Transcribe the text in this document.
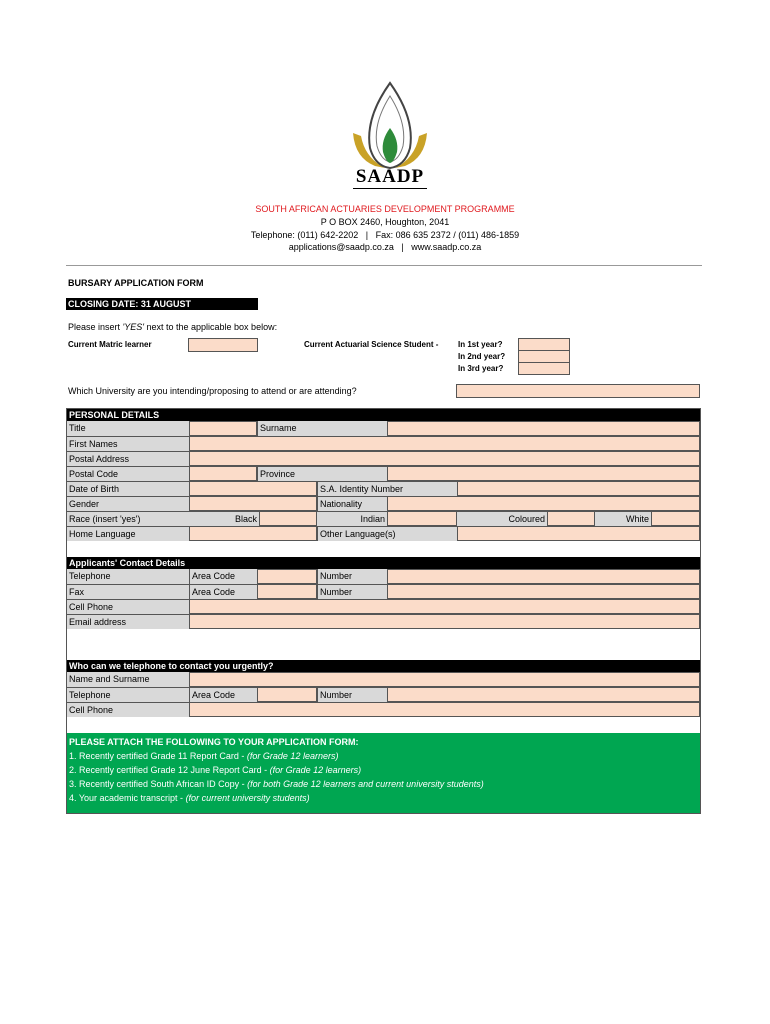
SAADP
SOUTH AFRICAN ACTUARIES DEVELOPMENT PROGRAMME
P O BOX 2460, Houghton, 2041
Telephone: (011) 642-2202   |   Fax: 086 635 2372 / (011) 486-1859
applications@saadp.co.za   |   www.saadp.co.za
BURSARY APPLICATION FORM
CLOSING DATE: 31 AUGUST
Please insert 'YES' next to the applicable box below:
Current Matric learner	Current Actuarial Science Student - In 1st year?
In 2nd year?
In 3rd year?
Which University are you intending/proposing to attend or are attending?
PERSONAL DETAILS
Title	Surname
First Names
Postal Address
Postal Code	Province
Date of Birth	S.A. Identity Number
Gender	Nationality
Race (insert 'yes')	Black	Indian	Coloured	White
Home Language	Other Language(s)
Applicants' Contact Details
Telephone	Area Code	Number
Fax	Area Code	Number
Cell Phone
Email address
Who can we telephone to contact you urgently?
Name and Surname
Telephone	Area Code	Number
Cell Phone
PLEASE ATTACH THE FOLLOWING TO YOUR APPLICATION FORM:
1. Recently certified Grade 11 Report Card - (for Grade 12 learners)
2. Recently certified Grade 12 June Report Card - (for Grade 12 learners)
3. Recently certified South African ID Copy - (for both Grade 12 learners and current university students)
4. Your academic transcript - (for current university students)
